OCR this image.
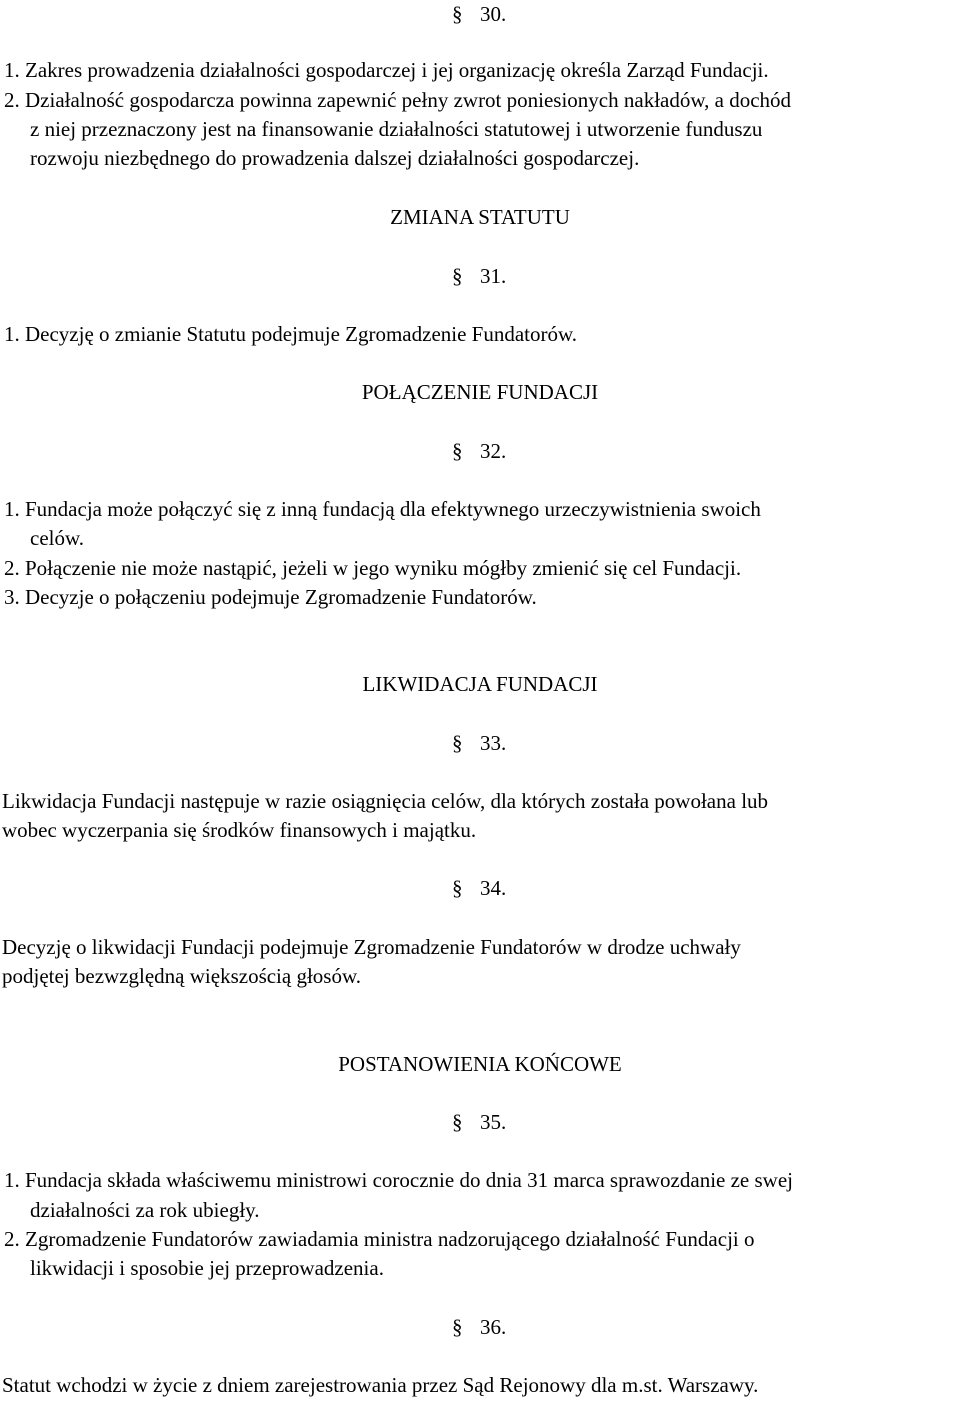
§ 30.
1. Zakres prowadzenia działalności gospodarczej i jej organizację określa Zarząd Fundacji.
2. Działalność gospodarcza powinna zapewnić pełny zwrot poniesionych nakładów, a dochód
z niej przeznaczony jest na finansowanie działalności statutowej i utworzenie funduszu
rozwoju niezbędnego do prowadzenia dalszej działalności gospodarczej.
ZMIANA STATUTU
§ 31.
1. Decyzję o zmianie Statutu podejmuje Zgromadzenie Fundatorów.
POŁĄCZENIE FUNDACJI
§ 32.
1. Fundacja może połączyć się z inną fundacją dla efektywnego urzeczywistnienia swoich
celów.
2. Połączenie nie może nastąpić, jeżeli w jego wyniku mógłby zmienić się cel Fundacji.
3. Decyzje o połączeniu podejmuje Zgromadzenie Fundatorów.
LIKWIDACJA FUNDACJI
§ 33.
Likwidacja Fundacji następuje w razie osiągnięcia celów, dla których została powołana lub
wobec wyczerpania się środków finansowych i majątku.
§ 34.
Decyzję o likwidacji Fundacji podejmuje Zgromadzenie Fundatorów w drodze uchwały
podjętej bezwzględną większością głosów.
POSTANOWIENIA KOŃCOWE
§ 35.
1. Fundacja składa właściwemu ministrowi corocznie do dnia 31 marca sprawozdanie ze swej
działalności za rok ubiegły.
2. Zgromadzenie Fundatorów zawiadamia ministra nadzorującego działalność Fundacji o
likwidacji i sposobie jej przeprowadzenia.
§ 36.
Statut wchodzi w życie z dniem zarejestrowania przez Sąd Rejonowy dla m.st. Warszawy.
